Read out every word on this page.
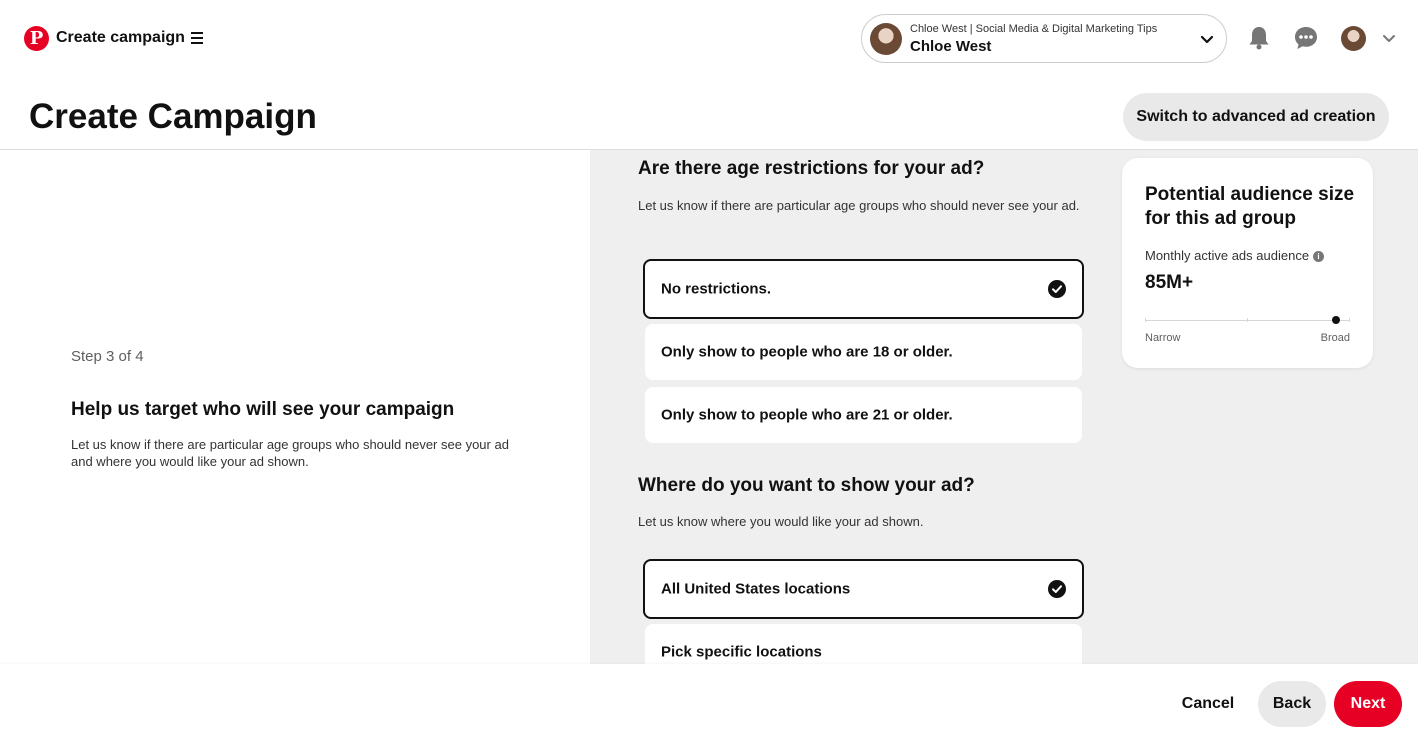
P Create campaign	Chloe West | Social Media & Digital Marketing Tips
Chloe West
Create Campaign	Switch to advanced ad creation
Step 3 of 4
Help us target who will see your campaign

Let us know if there are particular age groups who should never see your ad and where you would like your ad shown.

Are there age restrictions for your ad?

Let us know if there are particular age groups who should never see your ad.

No restrictions.
Only show to people who are 18 or older.
Only show to people who are 21 or older.
Where do you want to show your ad?

Let us know where you would like your ad shown.

All United States locations
Pick specific locations
Potential audience size for this ad group
Monthly active ads audience i
85M+
Narrow	Broad
Cancel	Back	Next
